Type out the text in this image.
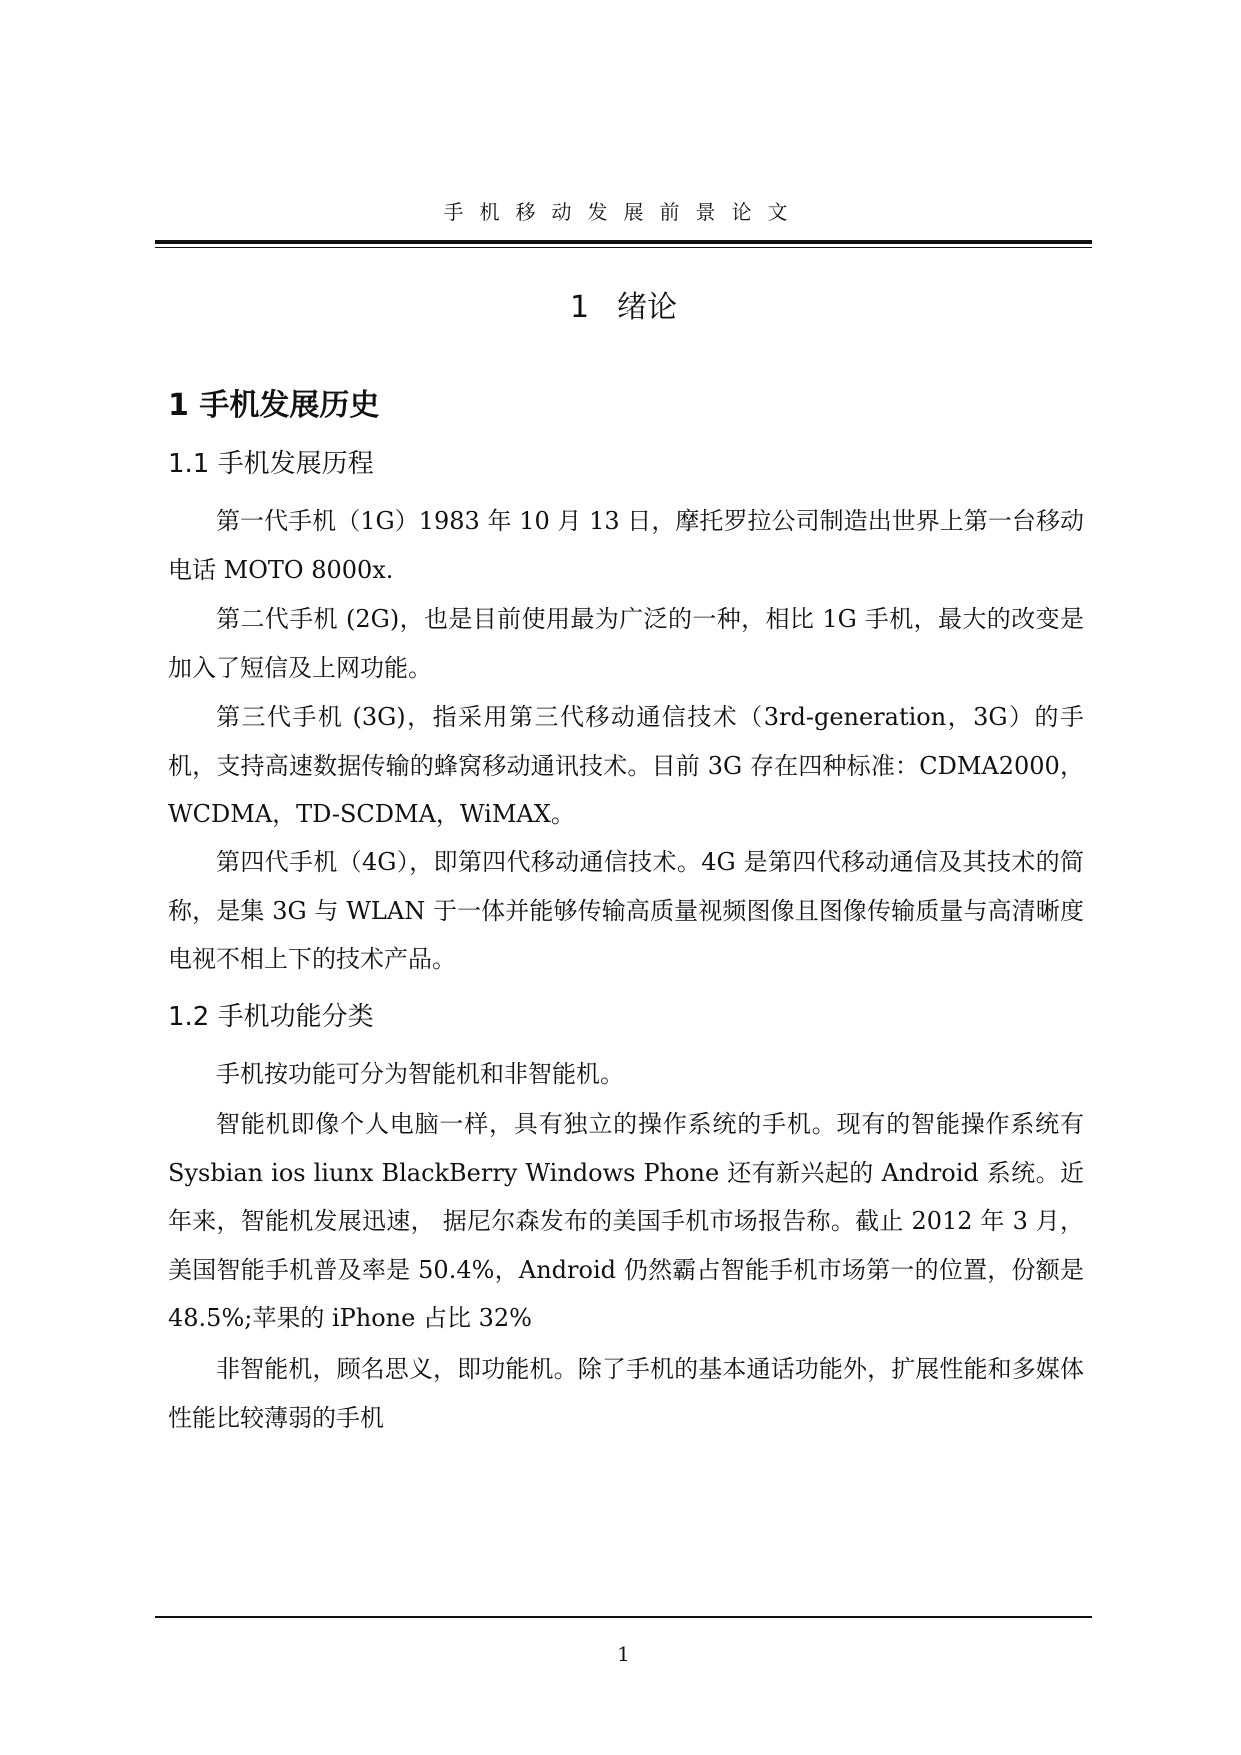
手机移动发展前景论文
1 绪论
1 手机发展历史
1.1 手机发展历程
第一代手机（1G）1983 年 10 月 13 日，摩托罗拉公司制造出世界上第一台移动电话 MOTO 8000x.
第二代手机 (2G)，也是目前使用最为广泛的一种，相比 1G 手机，最大的改变是加入了短信及上网功能。
第三代手机 (3G)，指采用第三代移动通信技术（3rd-generation，3G）的手机，支持高速数据传输的蜂窝移动通讯技术。目前 3G 存在四种标准：CDMA2000，WCDMA，TD-SCDMA，WiMAX。
第四代手机（4G），即第四代移动通信技术。4G 是第四代移动通信及其技术的简称，是集 3G 与 WLAN 于一体并能够传输高质量视频图像且图像传输质量与高清晰度电视不相上下的技术产品。
1.2 手机功能分类
手机按功能可分为智能机和非智能机。
智能机即像个人电脑一样，具有独立的操作系统的手机。现有的智能操作系统有 Sysbian ios liunx BlackBerry Windows Phone 还有新兴起的 Android 系统。近年来，智能机发展迅速， 据尼尔森发布的美国手机市场报告称。截止 2012 年 3 月，美国智能手机普及率是 50.4%，Android 仍然霸占智能手机市场第一的位置，份额是 48.5%;苹果的 iPhone 占比 32%
非智能机，顾名思义，即功能机。除了手机的基本通话功能外，扩展性能和多媒体性能比较薄弱的手机
1
